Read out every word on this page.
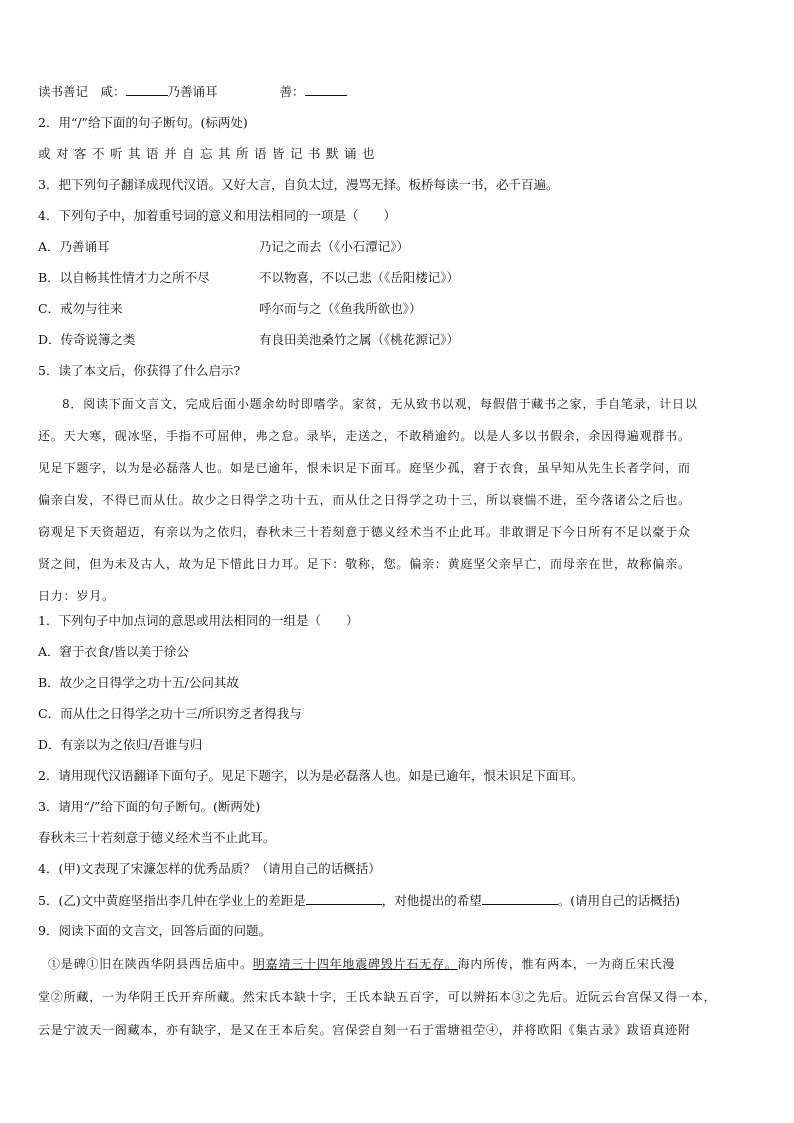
读书善记　咸：	乃善诵耳	善：
2．用“/”给下面的句子断句。(标两处)
或对客不听其语并自忘其所语皆记书默诵也
3．把下列句子翻译成现代汉语。又好大言，自负太过，漫骂无择。板桥每读一书，必千百遍。
4．下列句子中，加着重号词的意义和用法相同的一项是（　　）
A．乃善诵耳	乃记之而去（《小石潭记》）
B．以自畅其性情才力之所不尽	不以物喜，不以己悲（《岳阳楼记》）
C．戒勿与往来	呼尔而与之（《鱼我所欲也》）
D．传奇说簿之类	有良田美池桑竹之属（《桃花源记》）
5．读了本文后，你获得了什么启示?
8．阅读下面文言文，完成后面小题余幼时即嗜学。家贫，无从致书以观，每假借于藏书之家，手自笔录，计日以
还。天大寒，砚冰坚，手指不可屈伸，弗之怠。录毕，走送之，不敢稍逾约。以是人多以书假余，余因得遍观群书。
见足下题字，以为是必磊落人也。如是已逾年，恨未识足下面耳。庭坚少孤，窘于衣食，虽早知从先生长者学问，而
偏亲白发，不得已而从仕。故少之日得学之功十五，而从仕之日得学之功十三，所以衰惴不进，至今落诸公之后也。
窃观足下天资超迈，有亲以为之依归，春秋未三十若刻意于德义经术当不止此耳。非敢谓足下今日所有不足以豪于众
贤之间，但为未及古人，故为足下惜此日力耳。足下：敬称，您。偏亲：黄庭坚父亲早亡，而母亲在世，故称偏亲。
日力：岁月。
1．下列句子中加点词的意思或用法相同的一组是（　　）
A．窘于衣食/皆以美于徐公
B．故少之日得学之功十五/公问其故
C．而从仕之日得学之功十三/所识穷乏者得我与
D．有亲以为之依归/吾谁与归
2．请用现代汉语翻译下面句子。见足下题字，以为是必磊落人也。如是已逾年，恨未识足下面耳。
3．请用“/”给下面的句子断句。(断两处)
春秋未三十若刻意于德义经术当不止此耳。
4．(甲)文表现了宋濂怎样的优秀品质？（请用自己的话概括）
5．(乙)文中黄庭坚指出李几仲在学业上的差距是	，对他提出的希望	。(请用自己的话概括)
9．阅读下面的文言文，回答后面的问题。
①是碑①旧在陕西华阴县西岳庙中。明嘉靖三十四年地震碑毁片石无存。海内所传，惟有两本，一为商丘宋氏漫
堂②所藏，一为华阴王氏开弃所藏。然宋氏本缺十字，王氏本缺五百字，可以辨拓本③之先后。近阮云台宫保又得一本，
云是宁波天一阁藏本，亦有缺字，是又在王本后矣。宫保尝自刻一石于雷塘祖茔④，并将欧阳《集古录》跋语真迹附
